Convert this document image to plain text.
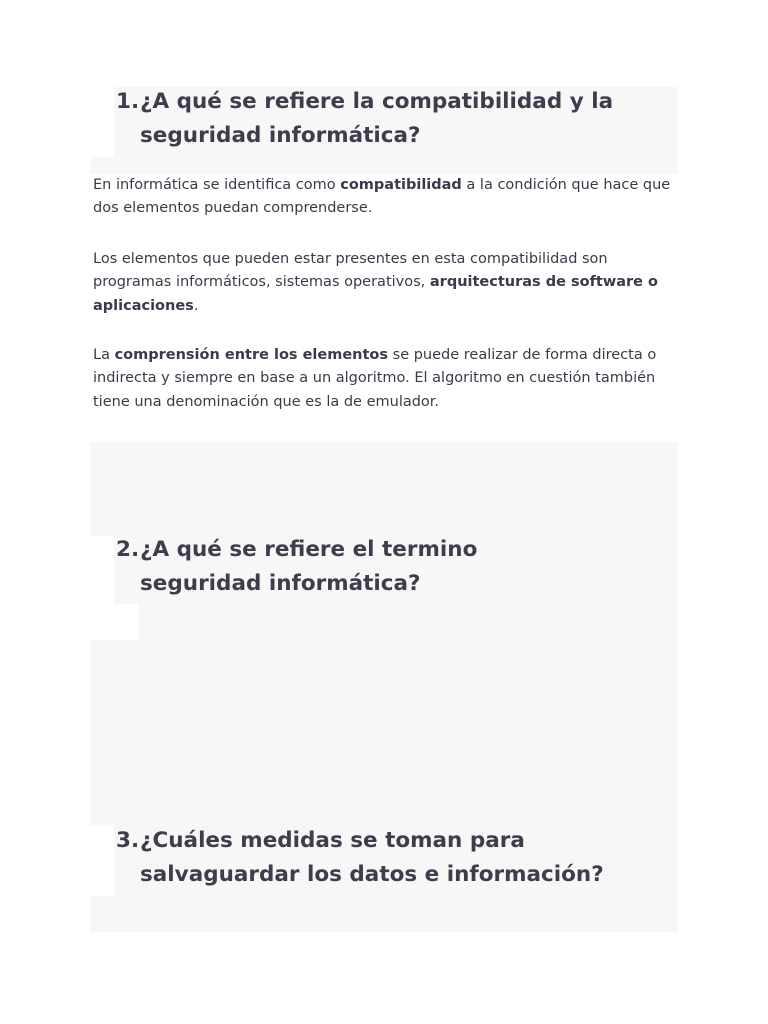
1. ¿A qué se refiere la compatibilidad y la seguridad informática?

En informática se identifica como compatibilidad a la condición que hace que dos elementos puedan comprenderse.

Los elementos que pueden estar presentes en esta compatibilidad son programas informáticos, sistemas operativos, arquitecturas de software o aplicaciones.

La comprensión entre los elementos se puede realizar de forma directa o indirecta y siempre en base a un algoritmo. El algoritmo en cuestión también tiene una denominación que es la de emulador.

2. ¿A qué se refiere el termino seguridad informática?
3. ¿Cuáles medidas se toman para salvaguardar los datos e información?
